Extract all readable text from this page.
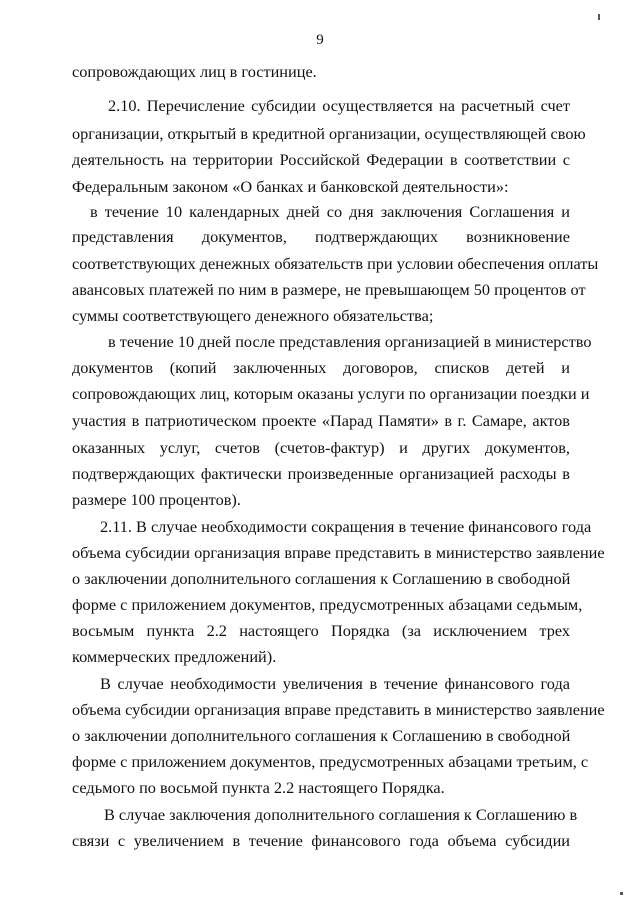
9
сопровождающих лиц в гостинице.
2.10. Перечисление субсидии осуществляется на расчетный счет
организации, открытый в кредитной организации, осуществляющей свою
деятельность на территории Российской Федерации в соответствии с
Федеральным законом «О банках и банковской деятельности»:
в течение 10 календарных дней со дня заключения Соглашения и
представления документов, подтверждающих возникновение
соответствующих денежных обязательств при условии обеспечения оплаты
авансовых платежей по ним в размере, не превышающем 50 процентов от
суммы соответствующего денежного обязательства;
в течение 10 дней после представления организацией в министерство
документов (копий заключенных договоров, списков детей и
сопровождающих лиц, которым оказаны услуги по организации поездки и
участия в патриотическом проекте «Парад Памяти» в г. Самаре, актов
оказанных услуг, счетов (счетов-фактур) и других документов,
подтверждающих фактически произведенные организацией расходы в
размере 100 процентов).
2.11. В случае необходимости сокращения в течение финансового года
объема субсидии организация вправе представить в министерство заявление
о заключении дополнительного соглашения к Соглашению в свободной
форме с приложением документов, предусмотренных абзацами седьмым,
восьмым пункта 2.2 настоящего Порядка (за исключением трех
коммерческих предложений).
В случае необходимости увеличения в течение финансового года
объема субсидии организация вправе представить в министерство заявление
о заключении дополнительного соглашения к Соглашению в свободной
форме с приложением документов, предусмотренных абзацами третьим, с
седьмого по восьмой пункта 2.2 настоящего Порядка.
В случае заключения дополнительного соглашения к Соглашению в
связи с увеличением в течение финансового года объема субсидии
